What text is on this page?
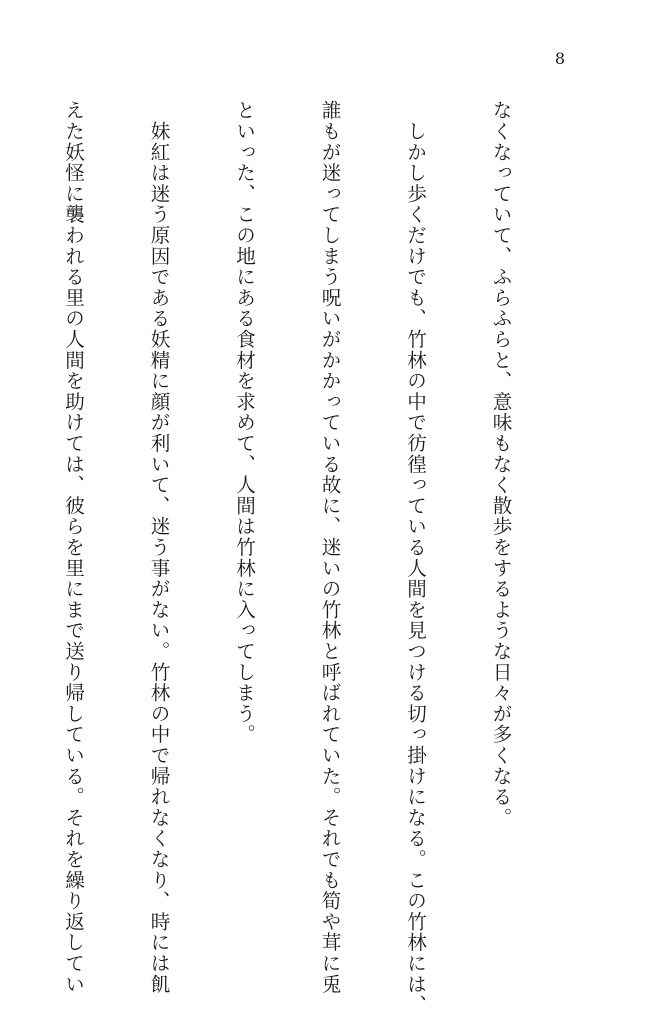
8

なくなっていて、ふらふらと、意味もなく散歩をするような日々が多くなる。

　しかし歩くだけでも、竹林の中で彷徨っている人間を見つける切っ掛けになる。この竹林には、

誰もが迷ってしまう呪いがかかっている故に、迷いの竹林と呼ばれていた。それでも筍や茸に兎

といった、この地にある食材を求めて、人間は竹林に入ってしまう。

　妹紅は迷う原因である妖精に顔が利いて、迷う事がない。竹林の中で帰れなくなり、時には飢

えた妖怪に襲われる里の人間を助けては、彼らを里にまで送り帰している。それを繰り返してい
